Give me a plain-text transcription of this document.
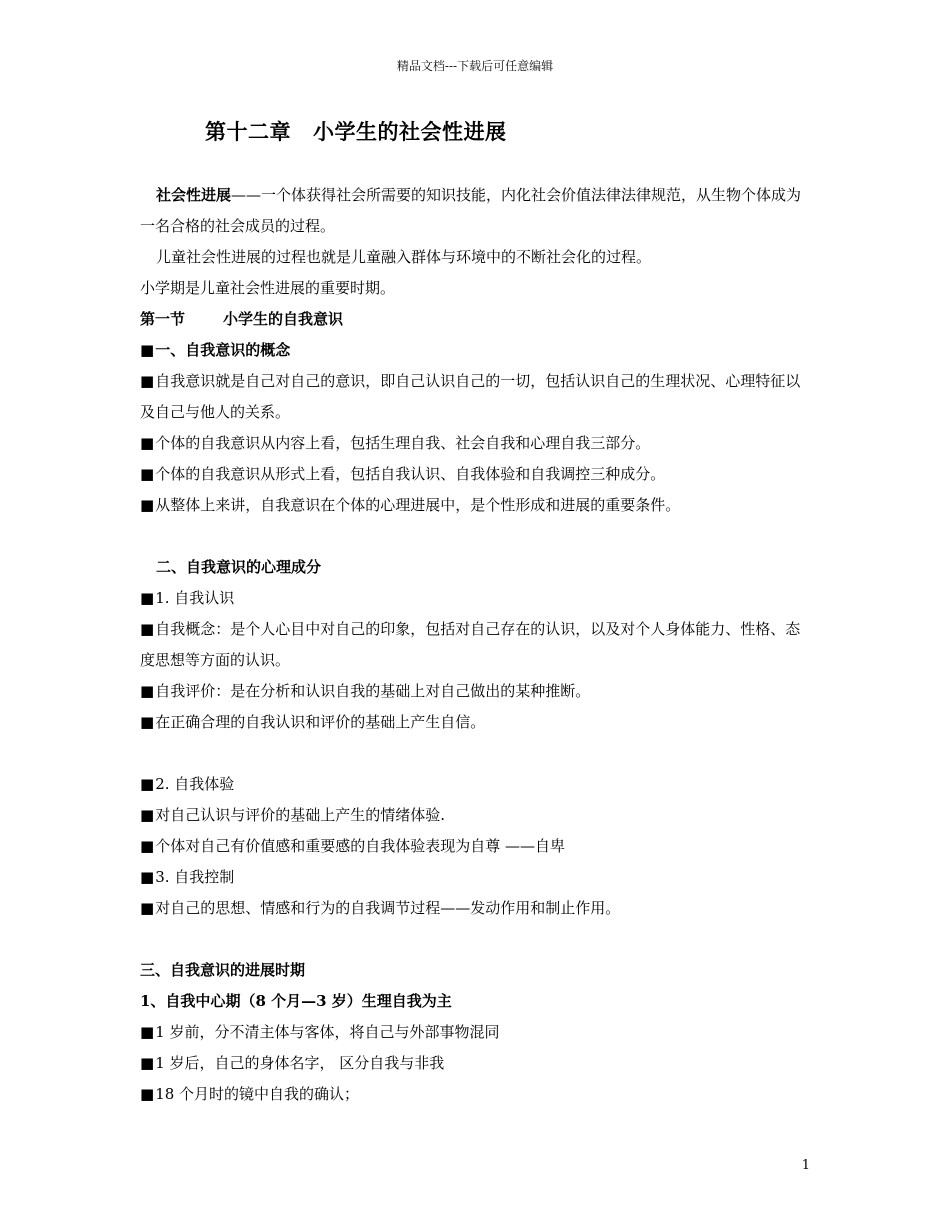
精品文档---下载后可任意编辑
第十二章 小学生的社会性进展

社会性进展——一个体获得社会所需要的知识技能，内化社会价值法律法律规范，从生物个体成为一名合格的社会成员的过程。

儿童社会性进展的过程也就是儿童融入群体与环境中的不断社会化的过程。

小学期是儿童社会性进展的重要时期。

第一节	小学生的自我意识

■ 一、自我意识的概念

■ 自我意识就是自己对自己的意识，即自己认识自己的一切，包括认识自己的生理状况、心理特征以及自己与他人的关系。

■ 个体的自我意识从内容上看，包括生理自我、社会自我和心理自我三部分。

■ 个体的自我意识从形式上看，包括自我认识、自我体验和自我调控三种成分。

■ 从整体上来讲，自我意识在个体的心理进展中，是个性形成和进展的重要条件。

二、自我意识的心理成分

■ 1. 自我认识

■ 自我概念：是个人心目中对自己的印象，包括对自己存在的认识，以及对个人身体能力、性格、态度思想等方面的认识。

■ 自我评价：是在分析和认识自我的基础上对自己做出的某种推断。

■ 在正确合理的自我认识和评价的基础上产生自信。

■ 2. 自我体验

■ 对自己认识与评价的基础上产生的情绪体验.

■ 个体对自己有价值感和重要感的自我体验表现为自尊 ——自卑

■ 3. 自我控制

■ 对自己的思想、情感和行为的自我调节过程——发动作用和制止作用。

三、自我意识的进展时期

1、自我中心期（8 个月—3 岁）生理自我为主

■ 1 岁前，分不清主体与客体，将自己与外部事物混同

■ 1 岁后，自己的身体名字， 区分自我与非我

■ 18 个月时的镜中自我的确认；

1
